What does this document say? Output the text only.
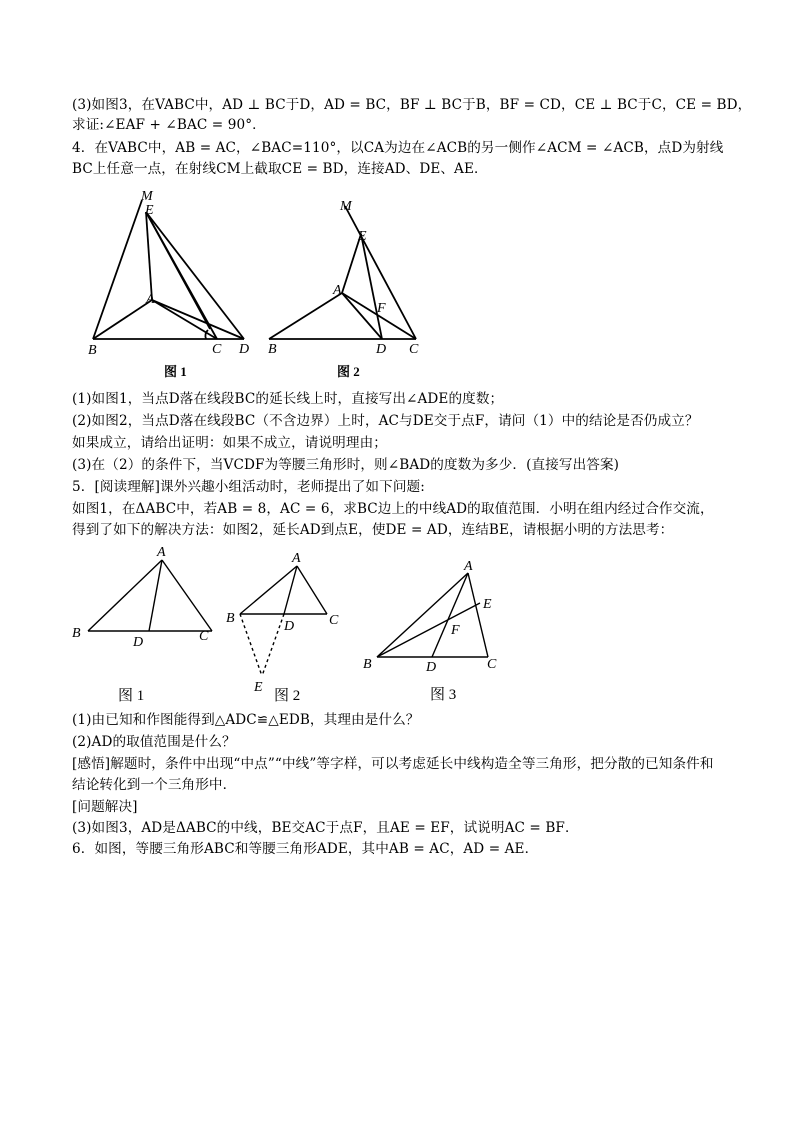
(3)如图3，在VABC中，AD ⊥ BC于D，AD = BC，BF ⊥ BC于B，BF = CD，CE ⊥ BC于C，CE = BD，
求证:∠EAF + ∠BAC = 90°．
4．在VABC中，AB = AC，∠BAC=110°，以CA为边在∠ACB的另一侧作∠ACM = ∠ACB，点D为射线
BC上任意一点，在射线CM上截取CE = BD，连接AD、DE、AE．
M
E
A
B	C D
图 1
M
E
A
F
B	D C
图 2
(1)如图1，当点D落在线段BC的延长线上时，直接写出∠ADE的度数；
(2)如图2，当点D落在线段BC（不含边界）上时，AC与DE交于点F，请问（1）中的结论是否仍成立？
如果成立，请给出证明：如果不成立，请说明理由；
(3)在（2）的条件下，当VCDF为等腰三角形时，则∠BAD的度数为多少．(直接写出答案)
5．[阅读理解]课外兴趣小组活动时，老师提出了如下问题:
如图1，在ΔABC中，若AB = 8，AC = 6，求BC边上的中线AD的取值范围．小明在组内经过合作交流，
得到了如下的解决方法：如图2，延长AD到点E，使DE = AD，连结BE，请根据小明的方法思考：
A
B
D	C
图 1
A
B
D C
E
图 2
A
E
F
B	D	C
图 3
(1)由已知和作图能得到△ADC≌△EDB，其理由是什么？
(2)AD的取值范围是什么？
[感悟]解题时，条件中出现“中点”“中线”等字样，可以考虑延长中线构造全等三角形，把分散的已知条件和
结论转化到一个三角形中．
[问题解决]
(3)如图3，AD是ΔABC的中线，BE交AC于点F，且AE = EF，试说明AC = BF．
6．如图，等腰三角形ABC和等腰三角形ADE，其中AB = AC，AD = AE．
